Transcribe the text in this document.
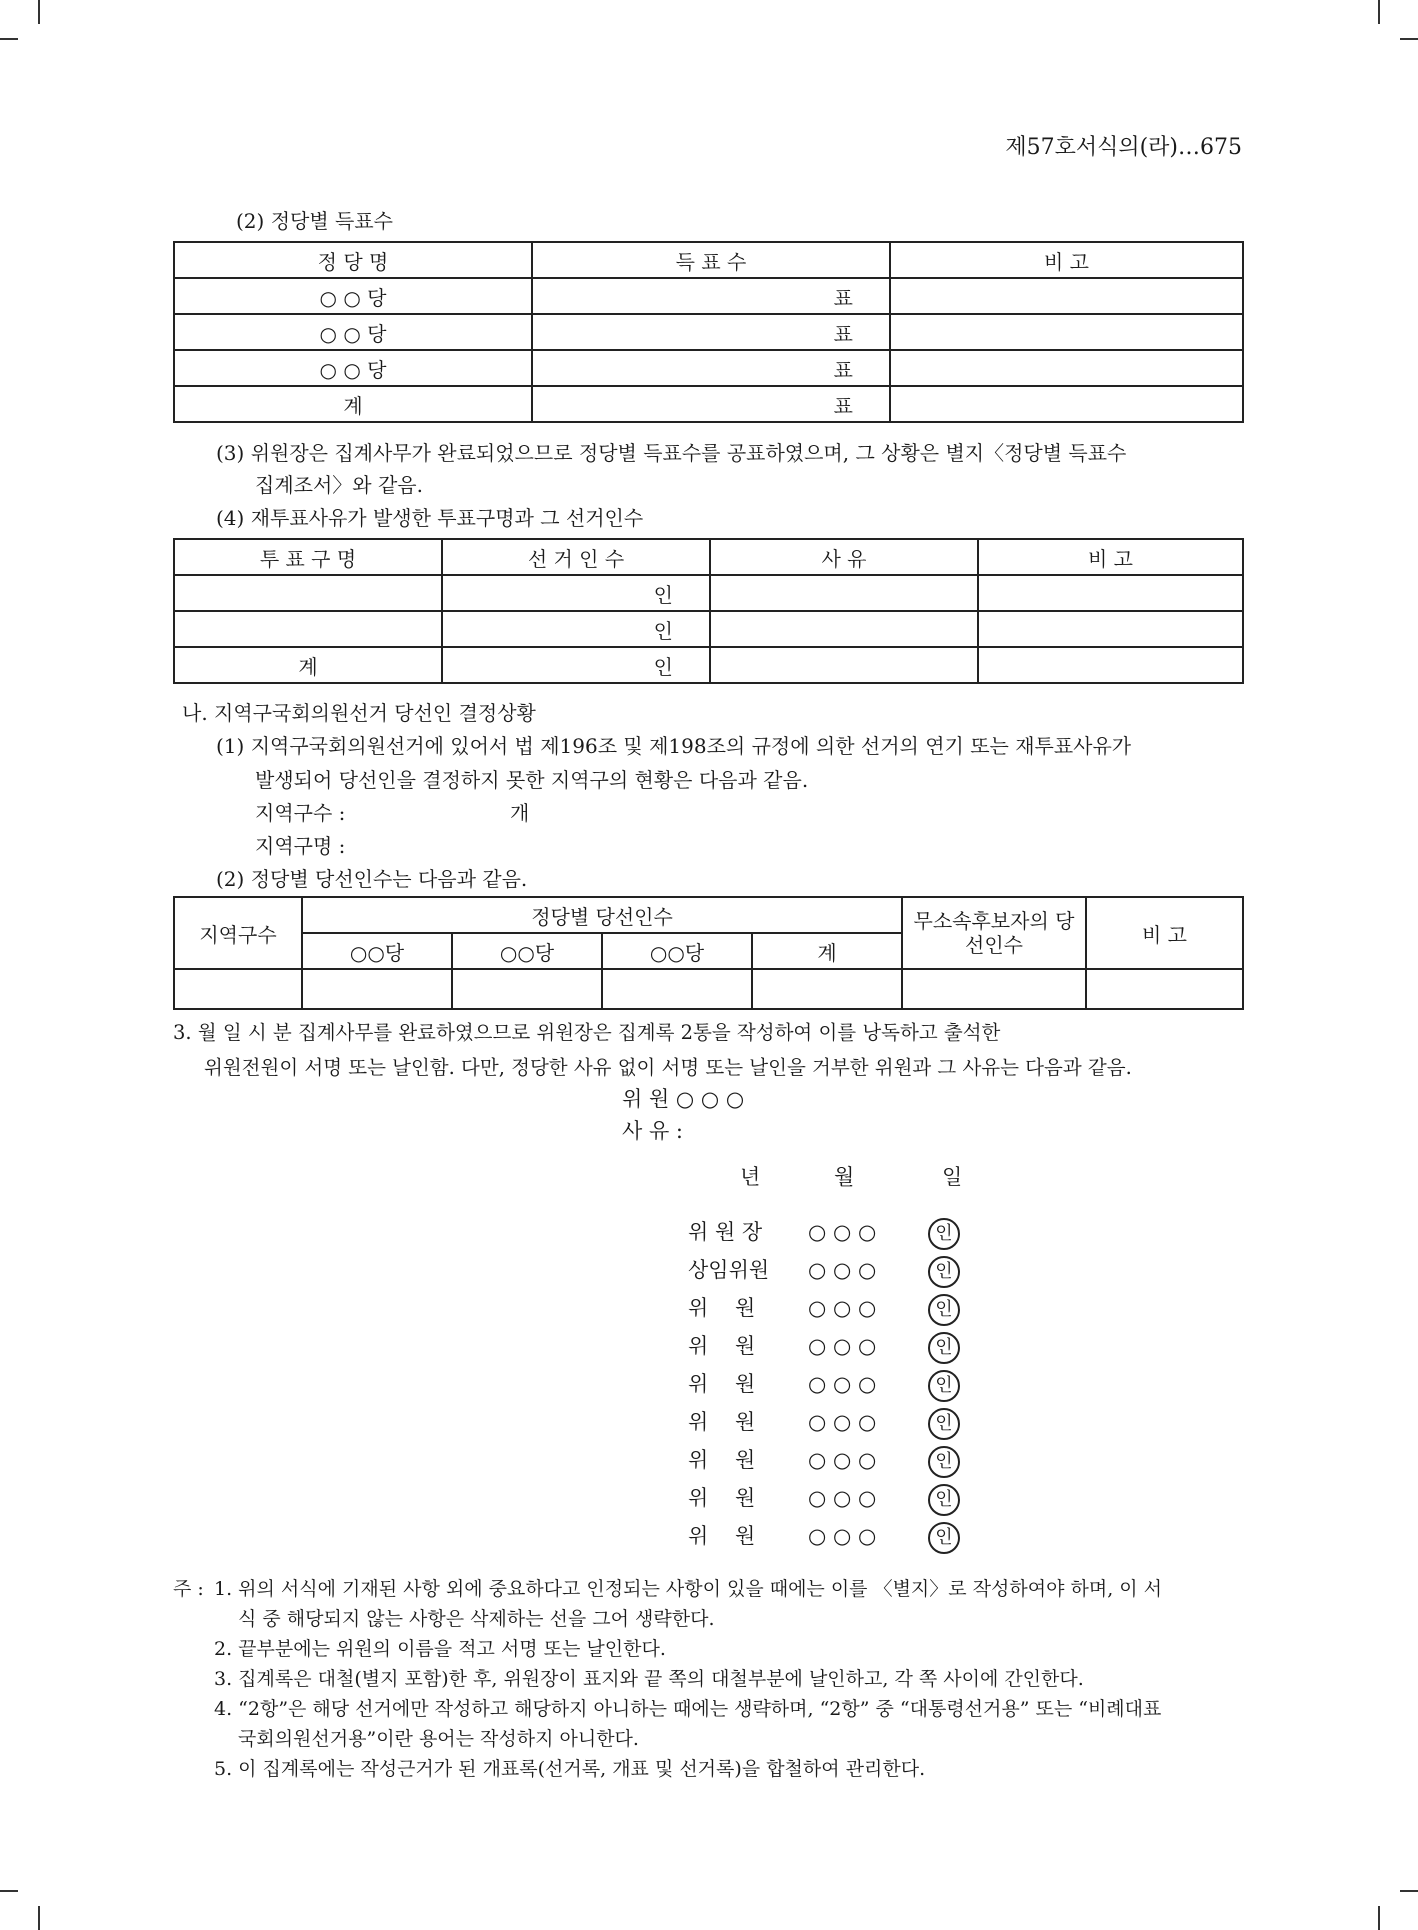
제57호서식의(라)…675
(2) 정당별 득표수
정 당 명	득 표 수	비 고
○ ○ 당	표	
○ ○ 당	표	
○ ○ 당	표	
계	표	
(3) 위원장은 집계사무가 완료되었으므로 정당별 득표수를 공표하였으며, 그 상황은 별지〈정당별 득표수
집계조서〉와 같음.
(4) 재투표사유가 발생한 투표구명과 그 선거인수
투 표 구 명	선 거 인 수	사 유	비 고
	인		
	인		
계	인		
나. 지역구국회의원선거 당선인 결정상황
(1) 지역구국회의원선거에 있어서 법 제196조 및 제198조의 규정에 의한 선거의 연기 또는 재투표사유가
발생되어 당선인을 결정하지 못한 지역구의 현황은 다음과 같음.
지역구수 :	개
지역구명 :
(2) 정당별 당선인수는 다음과 같음.
지역구수	정당별 당선인수				무소속후보자의 당선인수	비 고
	○○당	○○당	○○당	계		

3. 월 일 시 분 집계사무를 완료하였으므로 위원장은 집계록 2통을 작성하여 이를 낭독하고 출석한
위원전원이 서명 또는 날인함. 다만, 정당한 사유 없이 서명 또는 날인을 거부한 위원과 그 사유는 다음과 같음.
위 원 ○ ○ ○
사 유 :
년	월	일
위 원 장 ○ ○ ○	인
상임위원 ○ ○ ○	인
위    원	○ ○ ○	인
위    원	○ ○ ○	인
위    원	○ ○ ○	인
위    원	○ ○ ○	인
위    원	○ ○ ○	인
위    원	○ ○ ○	인
위    원	○ ○ ○	인
주 : 1. 위의 서식에 기재된 사항 외에 중요하다고 인정되는 사항이 있을 때에는 이를 〈별지〉로 작성하여야 하며, 이 서
식 중 해당되지 않는 사항은 삭제하는 선을 그어 생략한다.
2. 끝부분에는 위원의 이름을 적고 서명 또는 날인한다.
3. 집계록은 대철(별지 포함)한 후, 위원장이 표지와 끝 쪽의 대철부분에 날인하고, 각 쪽 사이에 간인한다.
4. “2항”은 해당 선거에만 작성하고 해당하지 아니하는 때에는 생략하며, “2항” 중 “대통령선거용” 또는 “비례대표
국회의원선거용”이란 용어는 작성하지 아니한다.
5. 이 집계록에는 작성근거가 된 개표록(선거록, 개표 및 선거록)을 합철하여 관리한다.
